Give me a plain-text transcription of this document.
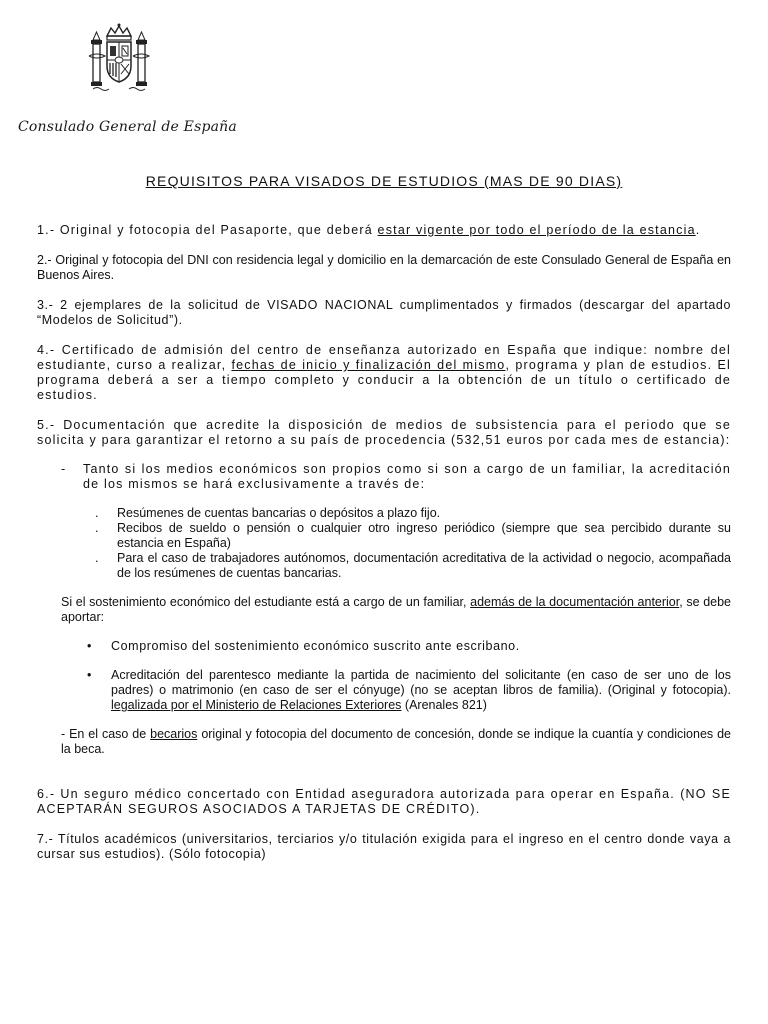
Consulado General de España
REQUISITOS PARA VISADOS DE ESTUDIOS (MAS DE 90 DIAS)

1.- Original y fotocopia del Pasaporte, que deberá estar vigente por todo el período de la estancia.

2.- Original y fotocopia del DNI con residencia legal y domicilio en la demarcación de este Consulado General de España en Buenos Aires.

3.- 2 ejemplares de la solicitud de VISADO NACIONAL cumplimentados y firmados (descargar del apartado “Modelos de Solicitud”).

4.- Certificado de admisión del centro de enseñanza autorizado en España que indique: nombre del estudiante, curso a realizar, fechas de inicio y finalización del mismo, programa y plan de estudios. El programa deberá a ser a tiempo completo y conducir a la obtención de un título o certificado de estudios.

5.- Documentación que acredite la disposición de medios de subsistencia para el periodo que se solicita y para garantizar el retorno a su país de procedencia (532,51 euros por cada mes de estancia):

- Tanto si los medios económicos son propios como si son a cargo de un familiar, la acreditación de los mismos se hará exclusivamente a través de:

. Resúmenes de cuentas bancarias o depósitos a plazo fijo.

. Recibos de sueldo o pensión o cualquier otro ingreso periódico (siempre que sea percibido durante su estancia en España)

. Para el caso de trabajadores autónomos, documentación acreditativa de la actividad o negocio, acompañada de los resúmenes de cuentas bancarias.

Si el sostenimiento económico del estudiante está a cargo de un familiar, además de la documentación anterior, se debe aportar:

• Compromiso del sostenimiento económico suscrito ante escribano.

• Acreditación del parentesco mediante la partida de nacimiento del solicitante (en caso de ser uno de los padres) o matrimonio (en caso de ser el cónyuge) (no se aceptan libros de familia). (Original y fotocopia). legalizada por el Ministerio de Relaciones Exteriores (Arenales 821)

- En el caso de becarios original y fotocopia del documento de concesión, donde se indique la cuantía y condiciones de la beca.

6.- Un seguro médico concertado con Entidad aseguradora autorizada para operar en España. (NO SE ACEPTARÁN SEGUROS ASOCIADOS A TARJETAS DE CRÉDITO).

7.- Títulos académicos (universitarios, terciarios y/o titulación exigida para el ingreso en el centro donde vaya a cursar sus estudios). (Sólo fotocopia)
